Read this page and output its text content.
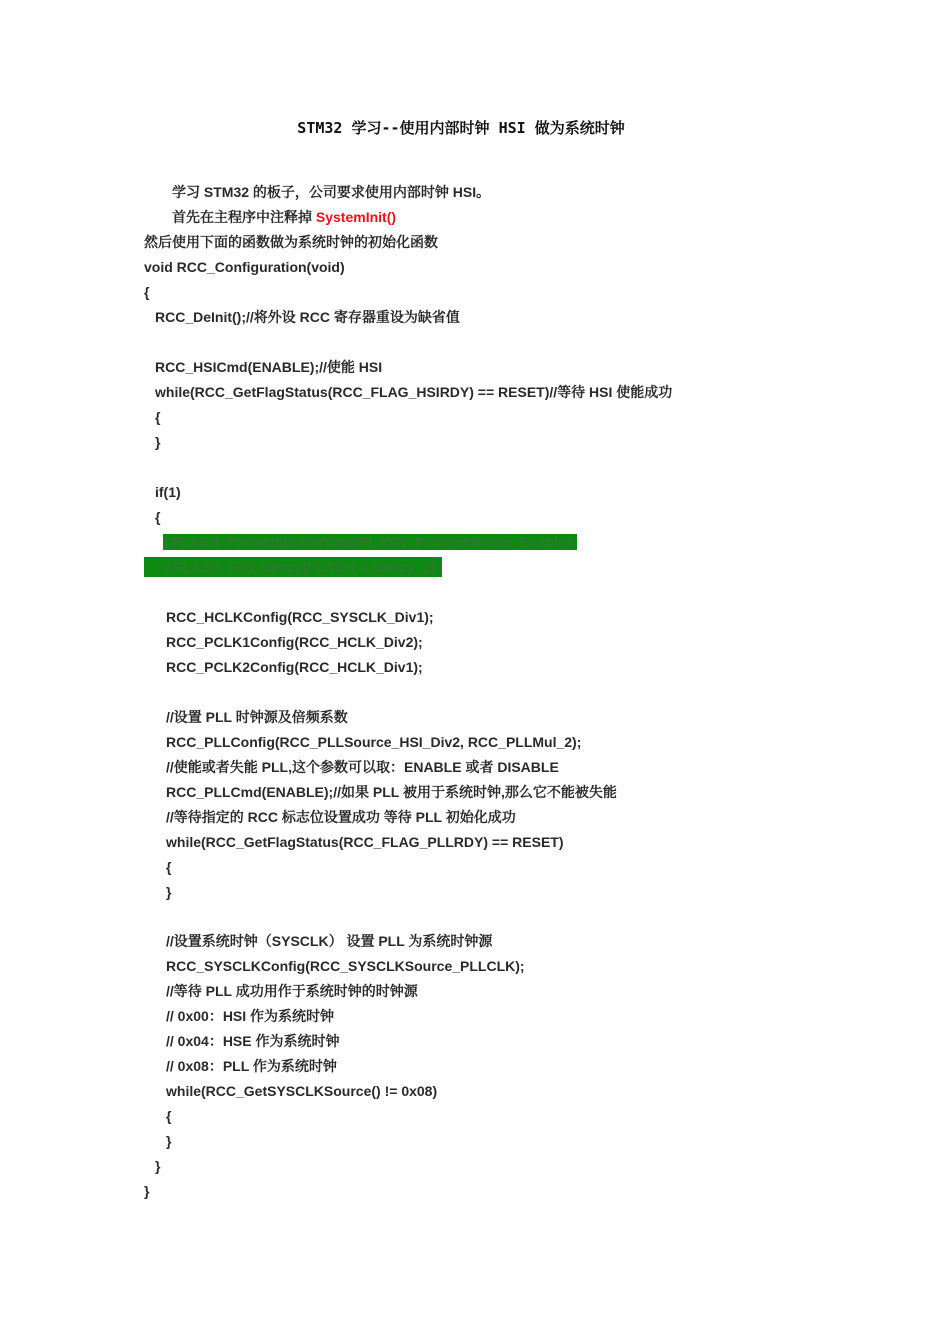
STM32 学习--使用内部时钟 HSI 做为系统时钟
学习 STM32 的板子，公司要求使用内部时钟 HSI。
首先在主程序中注释掉 SystemInit()
然后使用下面的函数做为系统时钟的初始化函数
void RCC_Configuration(void)
{
RCC_DeInit();//将外设 RCC 寄存器重设为缺省值
RCC_HSICmd(ENABLE);//使能 HSI
while(RCC_GetFlagStatus(RCC_FLAG_HSIRDY) == RESET)//等待 HSI 使能成功
{
}
if(1)
{
//FLASH_PrefetchBufferCmd(FLASH_PrefetchBuffer_Enable);
//FLASH_SetLatency(FLASH_Latency_2);
RCC_HCLKConfig(RCC_SYSCLK_Div1);
RCC_PCLK1Config(RCC_HCLK_Div2);
RCC_PCLK2Config(RCC_HCLK_Div1);
//设置 PLL 时钟源及倍频系数
RCC_PLLConfig(RCC_PLLSource_HSI_Div2, RCC_PLLMul_2);
//使能或者失能 PLL,这个参数可以取：ENABLE 或者 DISABLE
RCC_PLLCmd(ENABLE);//如果 PLL 被用于系统时钟,那么它不能被失能
//等待指定的 RCC 标志位设置成功 等待 PLL 初始化成功
while(RCC_GetFlagStatus(RCC_FLAG_PLLRDY) == RESET)
{
}
//设置系统时钟（SYSCLK） 设置 PLL 为系统时钟源
RCC_SYSCLKConfig(RCC_SYSCLKSource_PLLCLK);
//等待 PLL 成功用作于系统时钟的时钟源
// 0x00：HSI 作为系统时钟
// 0x04：HSE 作为系统时钟
// 0x08：PLL 作为系统时钟
while(RCC_GetSYSCLKSource() != 0x08)
{
}
}
}
